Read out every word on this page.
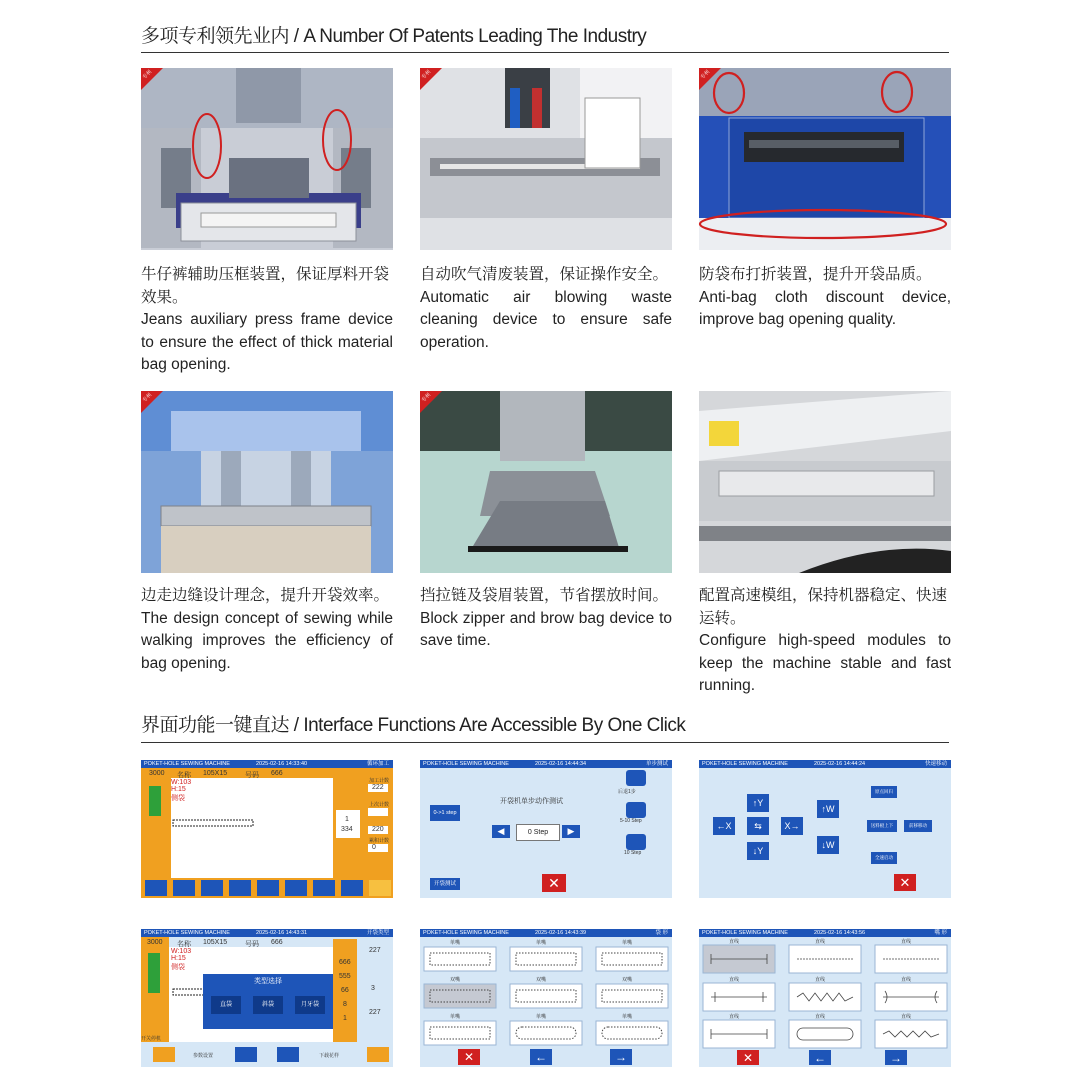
多项专利领先业内 / A Number Of Patents Leading The Industry
专利	专利	专利

牛仔裤辅助压框装置，保证厚料开袋效果。

Jeans auxiliary press frame device to ensure the effect of thick material bag opening.

自动吹气清废装置，保证操作安全。

Automatic air blowing waste cleaning device to ensure safe operation.

防袋布打折装置，提升开袋品质。

Anti-bag cloth discount device, improve bag opening quality.

专利	专利

边走边缝设计理念，提升开袋效率。

The design concept of sewing while walking improves the efficiency of bag opening.

挡拉链及袋眉装置，节省摆放时间。

Block zipper and brow bag device to save time.

配置高速模组，保持机器稳定、快速运转。

Configure high-speed modules to keep the machine stable and fast running.

界面功能一键直达 / Interface Functions Are Accessible By One Click
POKET-HOLE SEWING MACHINE	2025-02-16 14:33:40	循环加工
3000 名称 105X15	号码 666
W:103
H:15
侧袋
加工计数
222
1
334
上次计数
220
累积计数
0
POKET-HOLE SEWING MACHINE	2025-02-16 14:44:34	单步测试
开袋机单步动作测试
0->1 step
◀	0 Step	▶
后退1步
5-10 Step
10 Step
开袋测试	✕
POKET-HOLE SEWING MACHINE	2025-02-16 14:44:24	快速移动
↑ Y
↑ W
← X	⇆	X →
↓ Y
↓ W
原点回归
送料板上下	前移移动
全速启动
✕
POKET-HOLE SEWING MACHINE	2025-02-16 14:43:31	开袋类型
3000 名称 105X15	号码 666
W:103
H:15
侧袋
类型选择
直袋	斜袋	月牙袋
666
555
66
8
1
227
3
227
开关停机
参数设置	下载花样
POKET-HOLE SEWING MACHINE	2025-02-16 14:43:39	袋 形
单嘴	单嘴	单嘴
双嘴	双嘴	双嘴
单嘴	单嘴	单嘴
✕	←	→
POKET-HOLE SEWING MACHINE	2025-02-16 14:43:56	嘴 形
直线	直线	直线
直线	直线	直线
直线	直线	直线
✕	←	→
